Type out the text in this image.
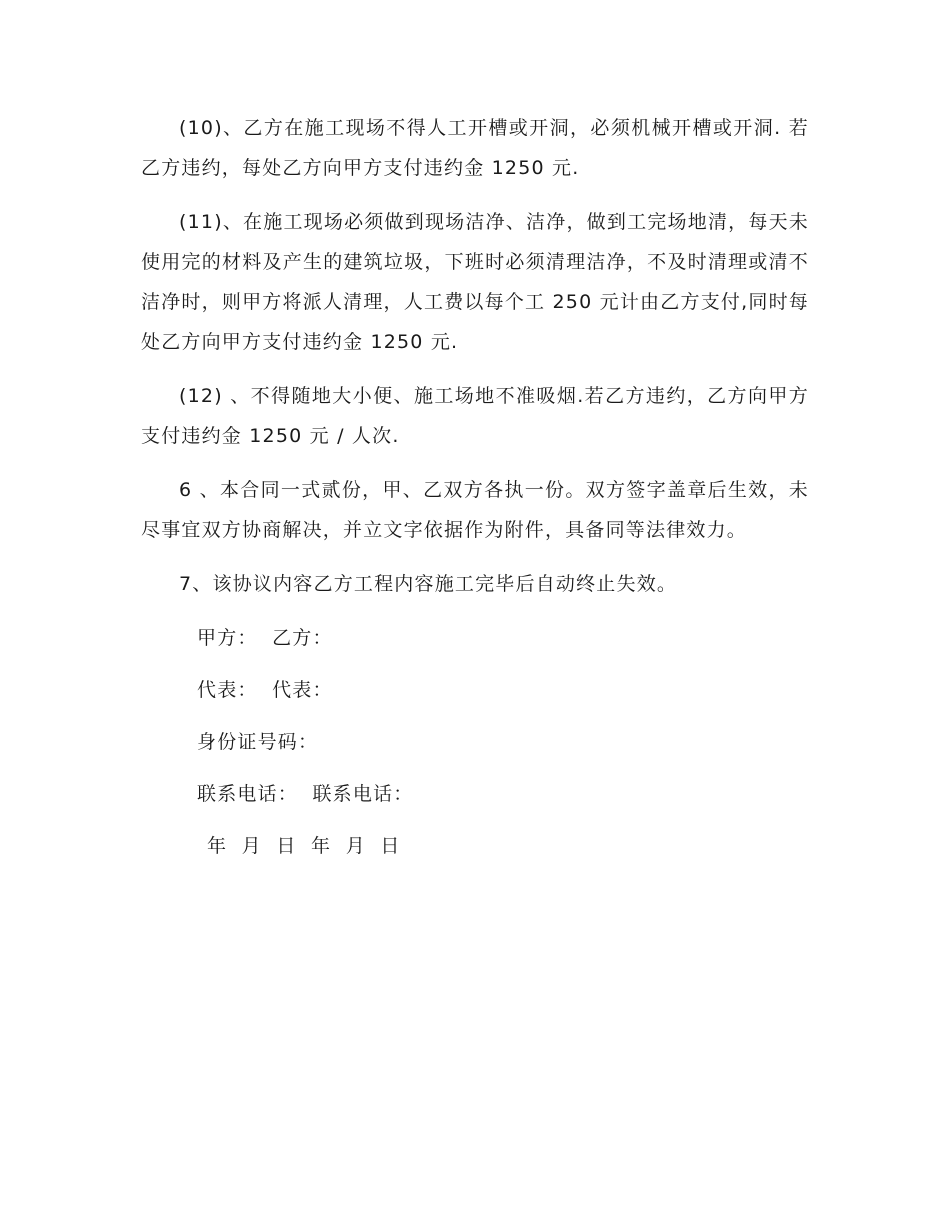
(10)、乙方在施工现场不得人工开槽或开洞，必须机械开槽或开洞. 若乙方违约，每处乙方向甲方支付违约金 1250 元.

(11)、在施工现场必须做到现场洁净、洁净，做到工完场地清，每天未使用完的材料及产生的建筑垃圾，下班时必须清理洁净，不及时清理或清不洁净时，则甲方将派人清理，人工费以每个工 250 元计由乙方支付,同时每处乙方向甲方支付违约金 1250 元.

(12) 、不得随地大小便、施工场地不准吸烟.若乙方违约，乙方向甲方支付违约金 1250 元 / 人次.

6 、本合同一式贰份，甲、乙双方各执一份。双方签字盖章后生效，未尽事宜双方协商解决，并立文字依据作为附件，具备同等法律效力。

7、该协议内容乙方工程内容施工完毕后自动终止失效。

甲方：  乙方：

代表：  代表：

身份证号码：

联系电话：  联系电话：

年  月  日  年  月  日
